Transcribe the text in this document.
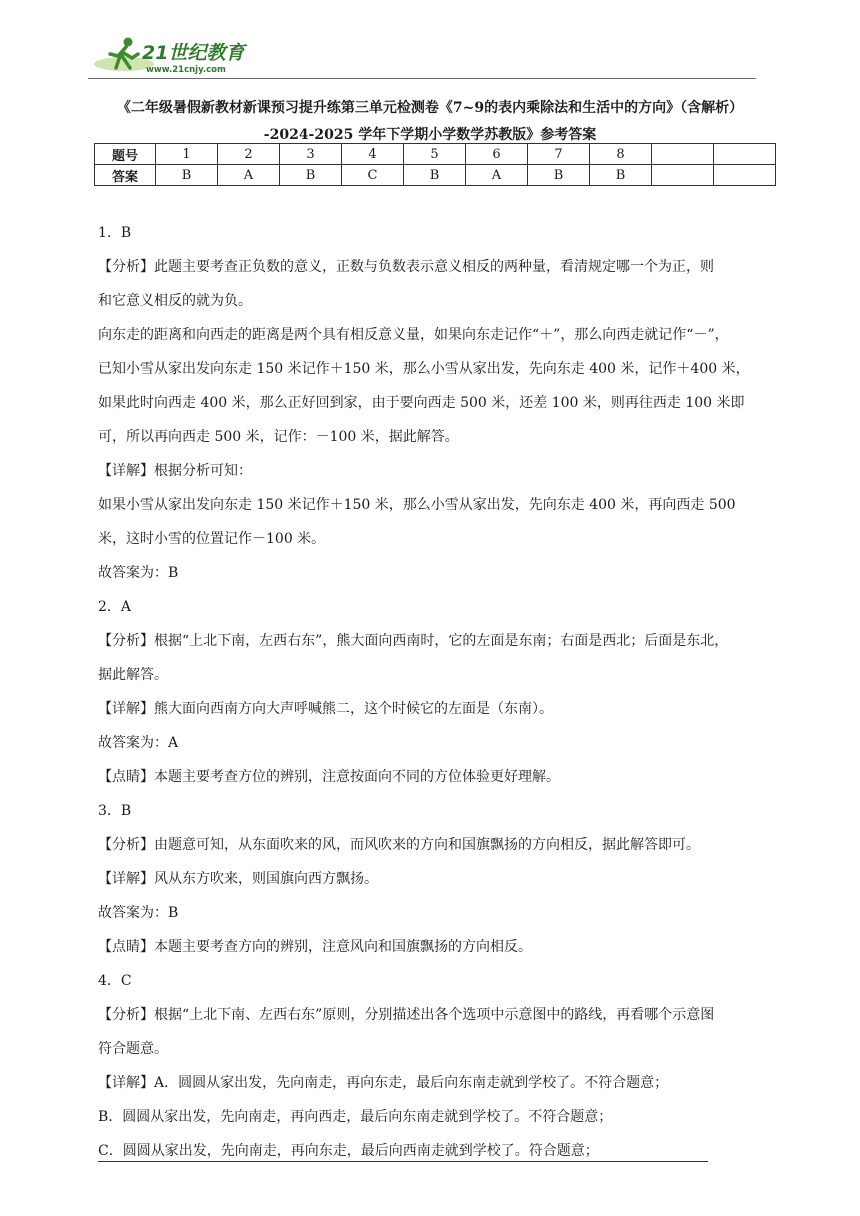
21世纪教育
www.21cnjy.com
《二年级暑假新教材新课预习提升练第三单元检测卷《7~9的表内乘除法和生活中的方向》（含解析）
-2024-2025 学年下学期小学数学苏教版》参考答案
题号	1	2	3	4	5	6	7	8		
答案	B	A	B	C	B	A	B	B		

1．B

【分析】此题主要考查正负数的意义，正数与负数表示意义相反的两种量，看清规定哪一个为正，则

和它意义相反的就为负。

向东走的距离和向西走的距离是两个具有相反意义量，如果向东走记作“＋”，那么向西走就记作“－”，

已知小雪从家出发向东走 150 米记作＋150 米，那么小雪从家出发，先向东走 400 米，记作＋400 米，

如果此时向西走 400 米，那么正好回到家，由于要向西走 500 米，还差 100 米，则再往西走 100 米即

可，所以再向西走 500 米，记作：－100 米，据此解答。

【详解】根据分析可知：

如果小雪从家出发向东走 150 米记作＋150 米，那么小雪从家出发，先向东走 400 米，再向西走 500

米，这时小雪的位置记作－100 米。

故答案为：B

2．A

【分析】根据“上北下南，左西右东”，熊大面向西南时，它的左面是东南；右面是西北；后面是东北，

据此解答。

【详解】熊大面向西南方向大声呼喊熊二，这个时候它的左面是（东南）。

故答案为：A

【点睛】本题主要考查方位的辨别，注意按面向不同的方位体验更好理解。

3．B

【分析】由题意可知，从东面吹来的风，而风吹来的方向和国旗飘扬的方向相反，据此解答即可。

【详解】风从东方吹来，则国旗向西方飘扬。

故答案为：B

【点睛】本题主要考查方向的辨别，注意风向和国旗飘扬的方向相反。

4．C

【分析】根据“上北下南、左西右东”原则，分别描述出各个选项中示意图中的路线，再看哪个示意图

符合题意。

【详解】A．圆圆从家出发，先向南走，再向东走，最后向东南走就到学校了。不符合题意；

B．圆圆从家出发，先向南走，再向西走，最后向东南走就到学校了。不符合题意；

C．圆圆从家出发，先向南走，再向东走，最后向西南走就到学校了。符合题意；
